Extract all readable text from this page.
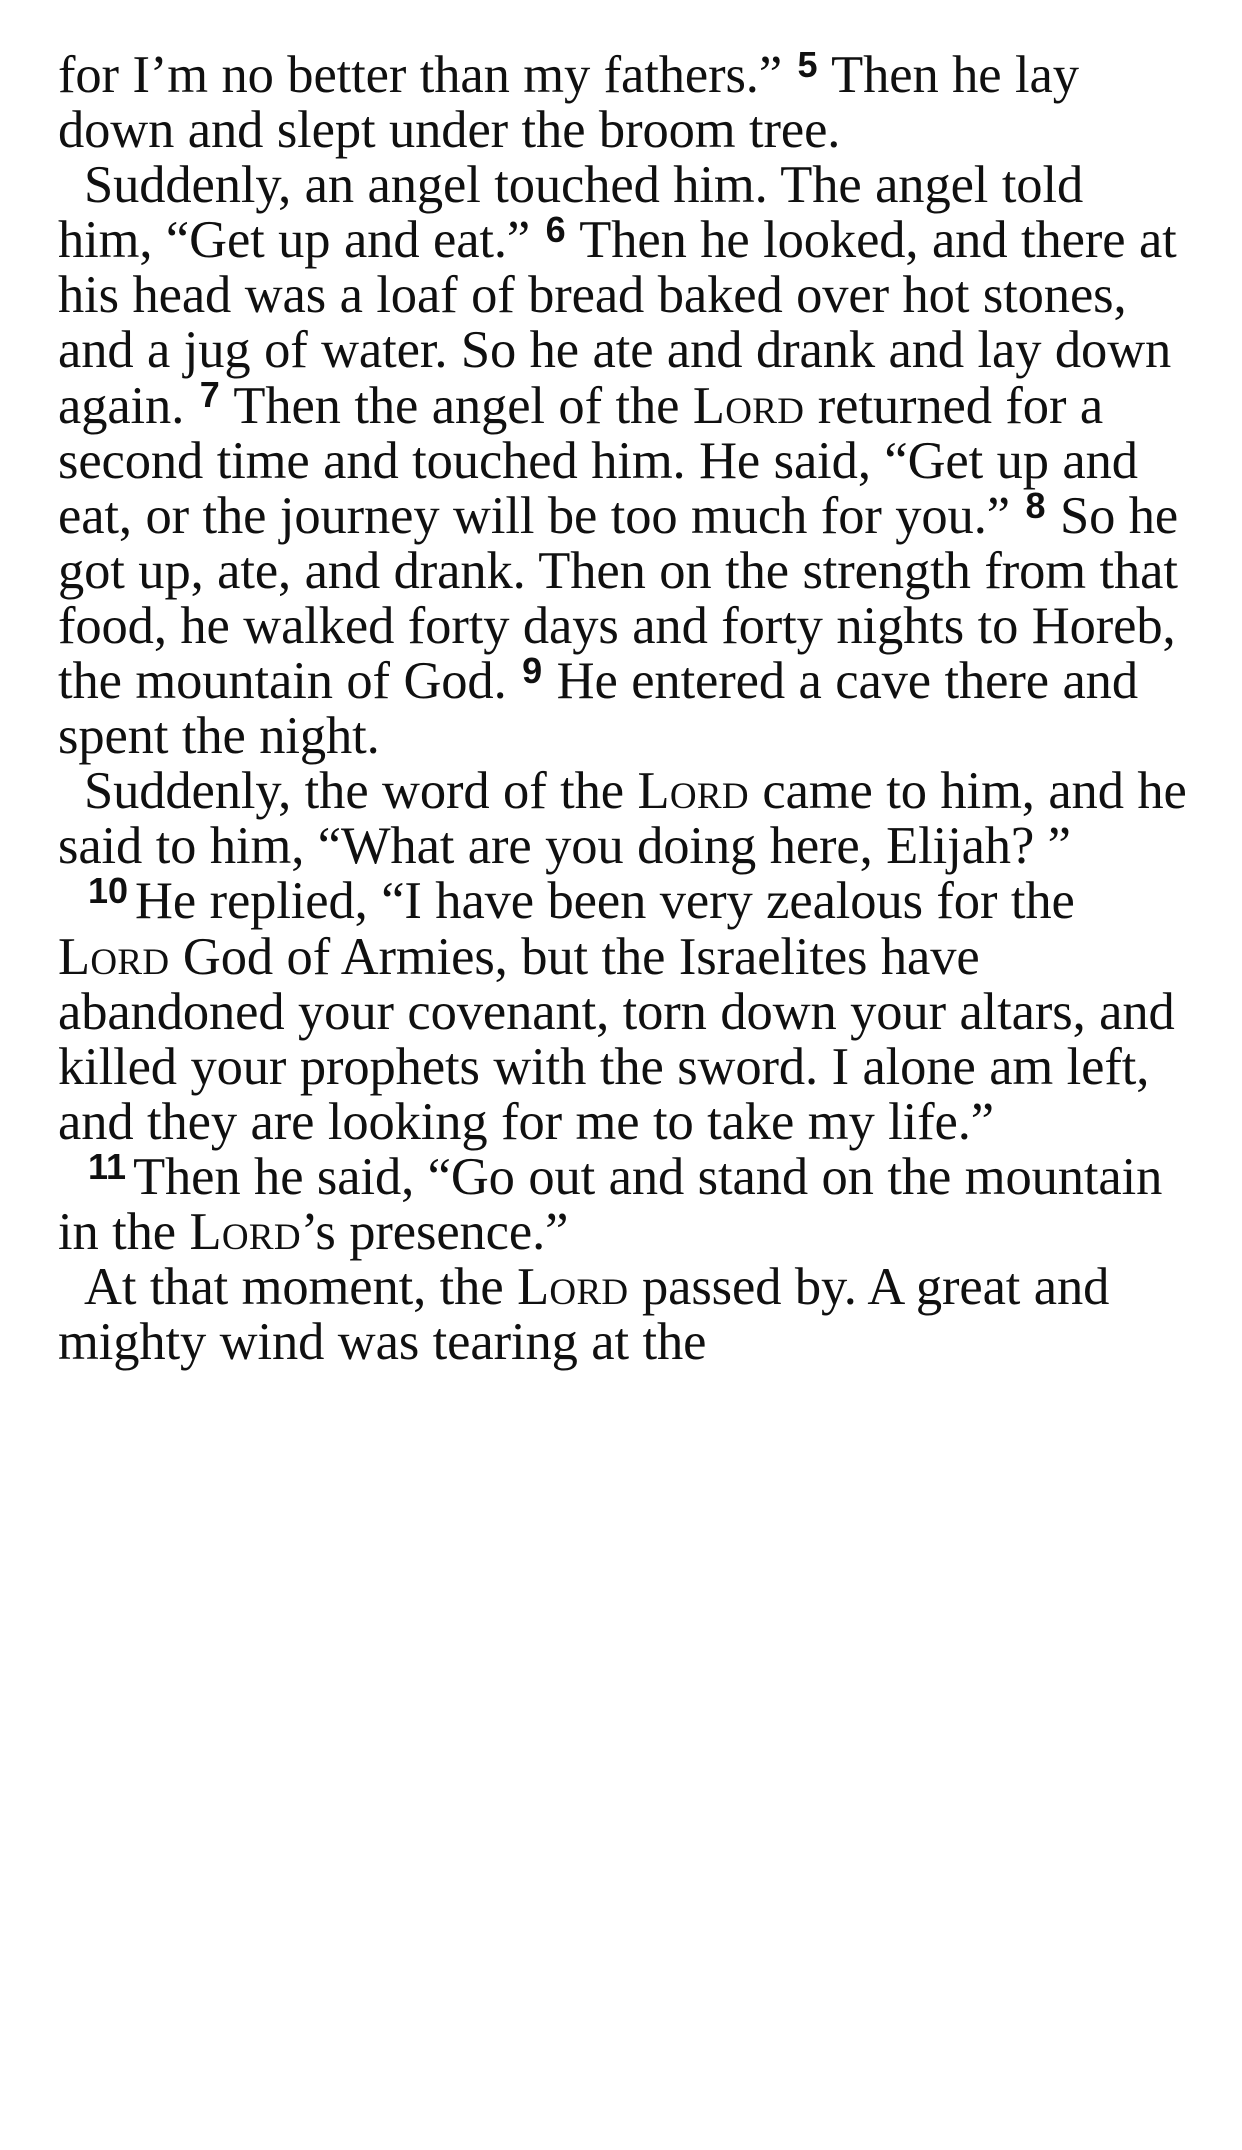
for I’m no better than my fathers.” $^5$ Then he lay down and slept under the broom tree.

Suddenly, an angel touched him. The angel told him, “Get up and eat.” $^6$ Then he looked, and there at his head was a loaf of bread baked over hot stones, and a jug of water. So he ate and drank and lay down again. $^7$ Then the angel of the Lord returned for a second time and touched him. He said, “Get up and eat, or the journey will be too much for you.” $^8$ So he got up, ate, and drank. Then on the strength from that food, he walked forty days and forty nights to Horeb, the mountain of God. $^9$ He entered a cave there and spent the night.

Suddenly, the word of the Lord came to him, and he said to him, “What are you doing here, Elijah? ”

$^{10}$ He replied, “I have been very zealous for the Lord God of Armies, but the Israelites have abandoned your covenant, torn down your altars, and killed your prophets with the sword. I alone am left, and they are looking for me to take my life.”

$^{11}$ Then he said, “Go out and stand on the mountain in the Lord’s presence.”

At that moment, the Lord passed by. A great and mighty wind was tearing at the
